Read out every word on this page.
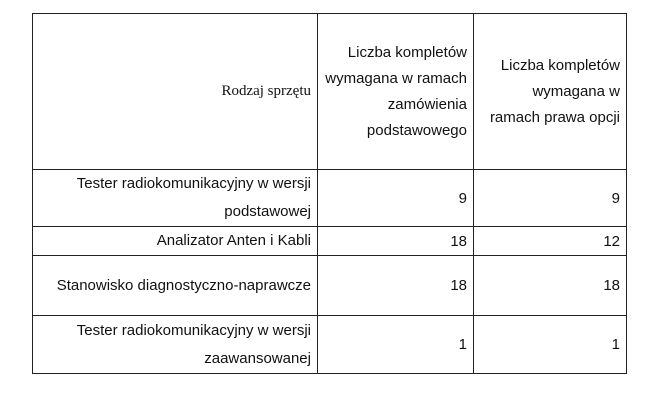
Rodzaj sprzętu	Liczba kompletów wymagana w ramach zamówienia podstawowego	Liczba kompletów wymagana w ramach prawa opcji
Tester radiokomunikacyjny w wersji podstawowej	9	9
Analizator Anten i Kabli	18	12
Stanowisko diagnostyczno-naprawcze	18	18
Tester radiokomunikacyjny w wersji zaawansowanej	1	1
